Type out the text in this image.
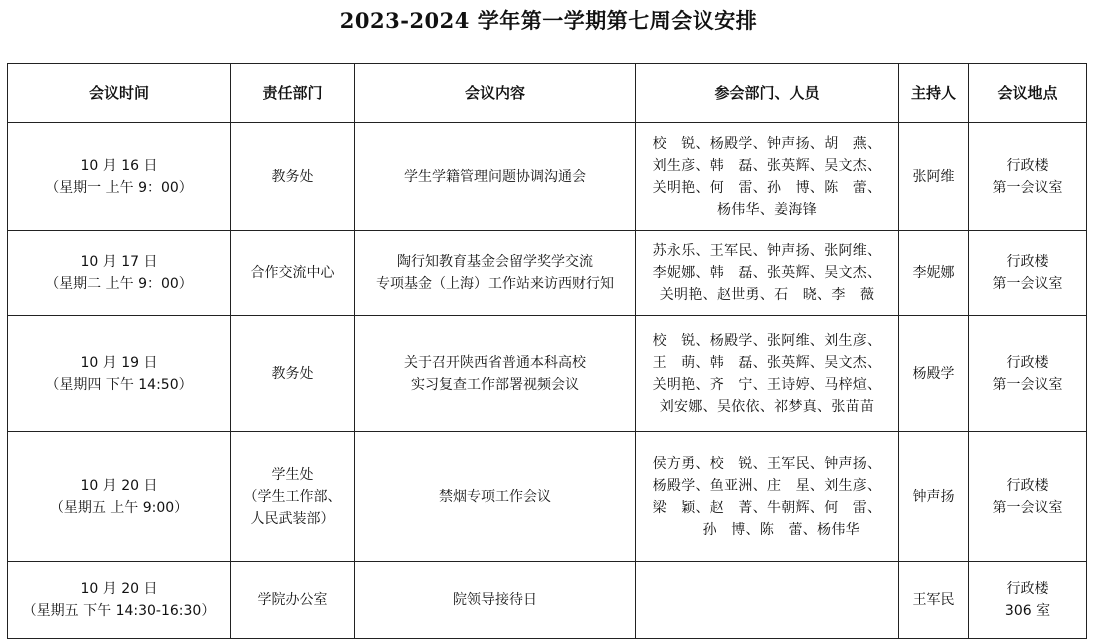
2023-2024 学年第一学期第七周会议安排
会议时间	责任部门	会议内容	参会部门、人员	主持人	会议地点

10 月 16 日
（星期一 上午 9：00）	教务处	学生学籍管理问题协调沟通会	校　锐、杨殿学、钟声扬、胡　燕、
刘生彦、韩　磊、张英辉、吴文杰、
关明艳、何　雷、孙　博、陈　蕾、
杨伟华、姜海锋	张阿维	行政楼
第一会议室

10 月 17 日
（星期二 上午 9：00）	合作交流中心	陶行知教育基金会留学奖学交流
专项基金（上海）工作站来访西财行知	苏永乐、王军民、钟声扬、张阿维、
李妮娜、韩　磊、张英辉、吴文杰、
关明艳、赵世勇、石　晓、李　薇	李妮娜	行政楼
第一会议室

10 月 19 日
（星期四 下午 14:50）	教务处	关于召开陕西省普通本科高校
实习复查工作部署视频会议	校　锐、杨殿学、张阿维、刘生彦、
王　萌、韩　磊、张英辉、吴文杰、
关明艳、齐　宁、王诗婷、马梓煊、
刘安娜、吴依依、祁梦真、张苗苗	杨殿学	行政楼
第一会议室

10 月 20 日
（星期五 上午 9:00）	学生处
（学生工作部、
人民武装部）	禁烟专项工作会议	侯方勇、校　锐、王军民、钟声扬、
杨殿学、鱼亚洲、庄　星、刘生彦、
梁　颖、赵　菁、牛朝辉、何　雷、
　　孙　博、陈　蕾、杨伟华	钟声扬	行政楼
第一会议室

10 月 20 日
（星期五 下午 14:30-16:30）	学院办公室	院领导接待日		王军民	行政楼
306 室
